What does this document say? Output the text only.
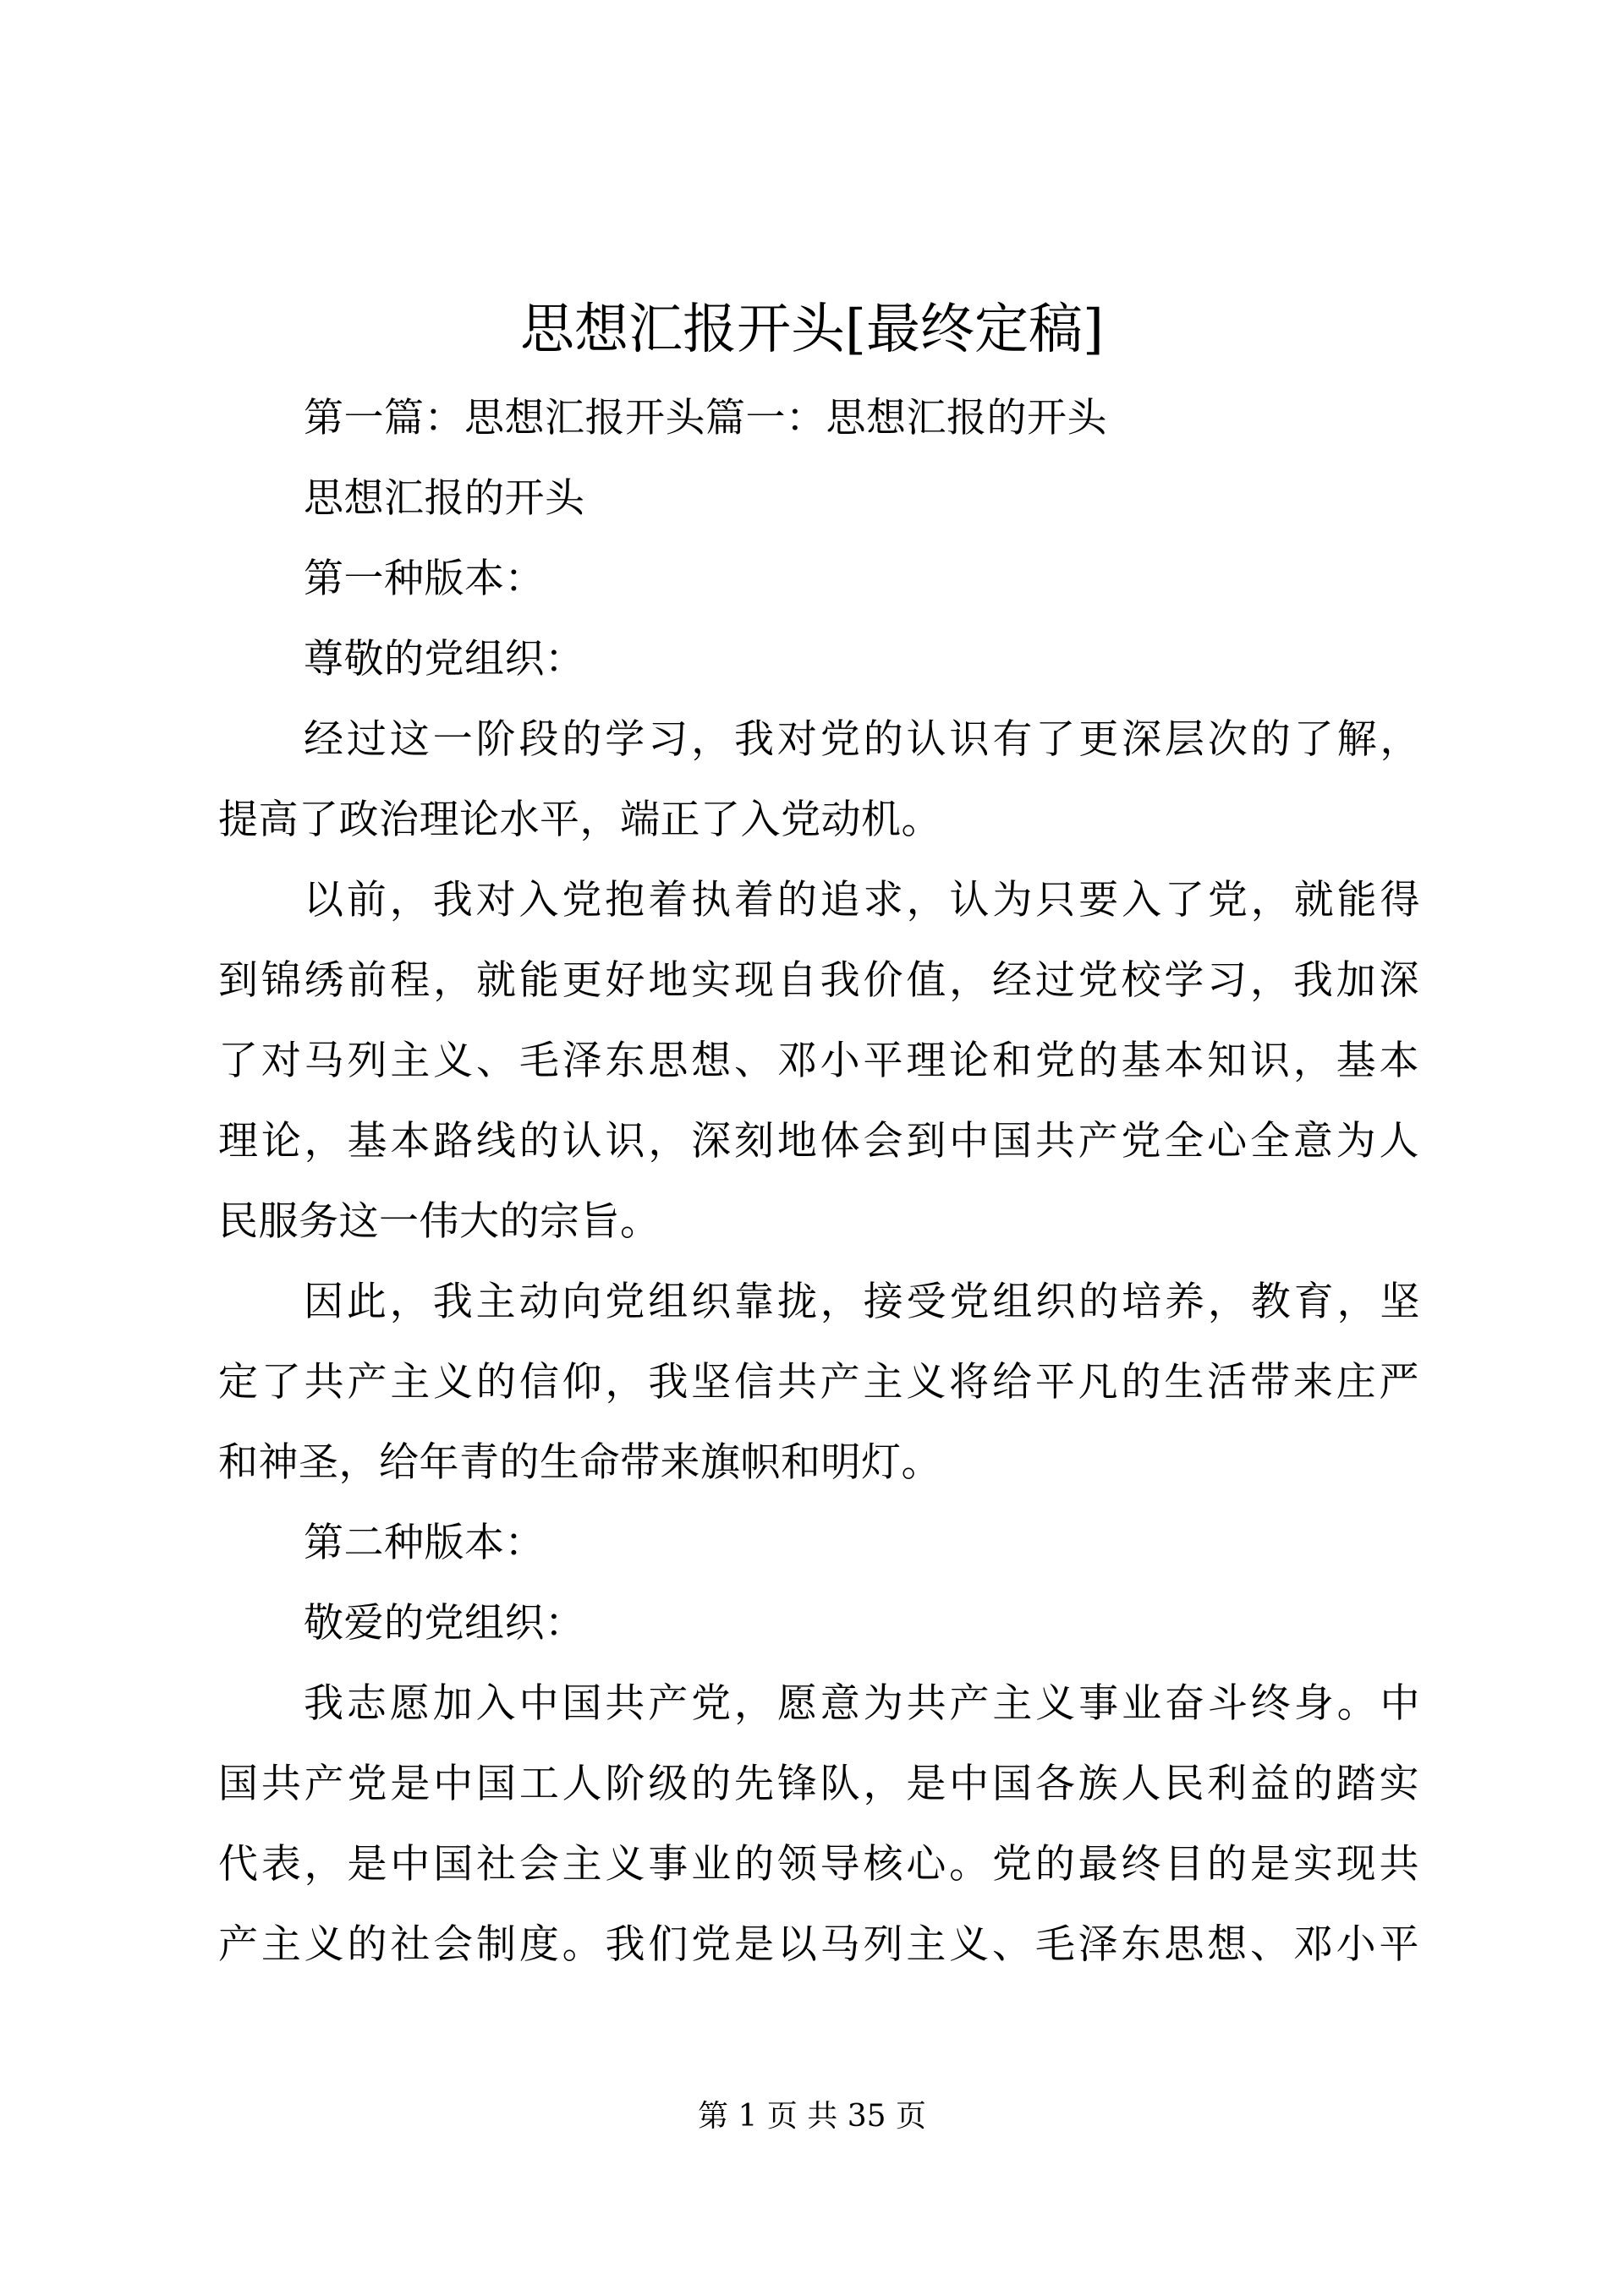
思想汇报开头[最终定稿]
第一篇：思想汇报开头篇一：思想汇报的开头
思想汇报的开头
第一种版本：
尊敬的党组织：
经过这一阶段的学习，我对党的认识有了更深层次的了解，
提高了政治理论水平，端正了入党动机。
以前，我对入党抱着执着的追求，认为只要入了党，就能得
到锦绣前程，就能更好地实现自我价值，经过党校学习，我加深
了对马列主义、毛泽东思想、邓小平理论和党的基本知识，基本
理论，基本路线的认识，深刻地体会到中国共产党全心全意为人
民服务这一伟大的宗旨。
因此，我主动向党组织靠拢，接受党组织的培养，教育，坚
定了共产主义的信仰，我坚信共产主义将给平凡的生活带来庄严
和神圣，给年青的生命带来旗帜和明灯。
第二种版本：
敬爱的党组织：
我志愿加入中国共产党，愿意为共产主义事业奋斗终身。中
国共产党是中国工人阶级的先锋队，是中国各族人民利益的踏实
代表，是中国社会主义事业的领导核心。党的最终目的是实现共
产主义的社会制度。我们党是以马列主义、毛泽东思想、邓小平
第 1 页 共 35 页
